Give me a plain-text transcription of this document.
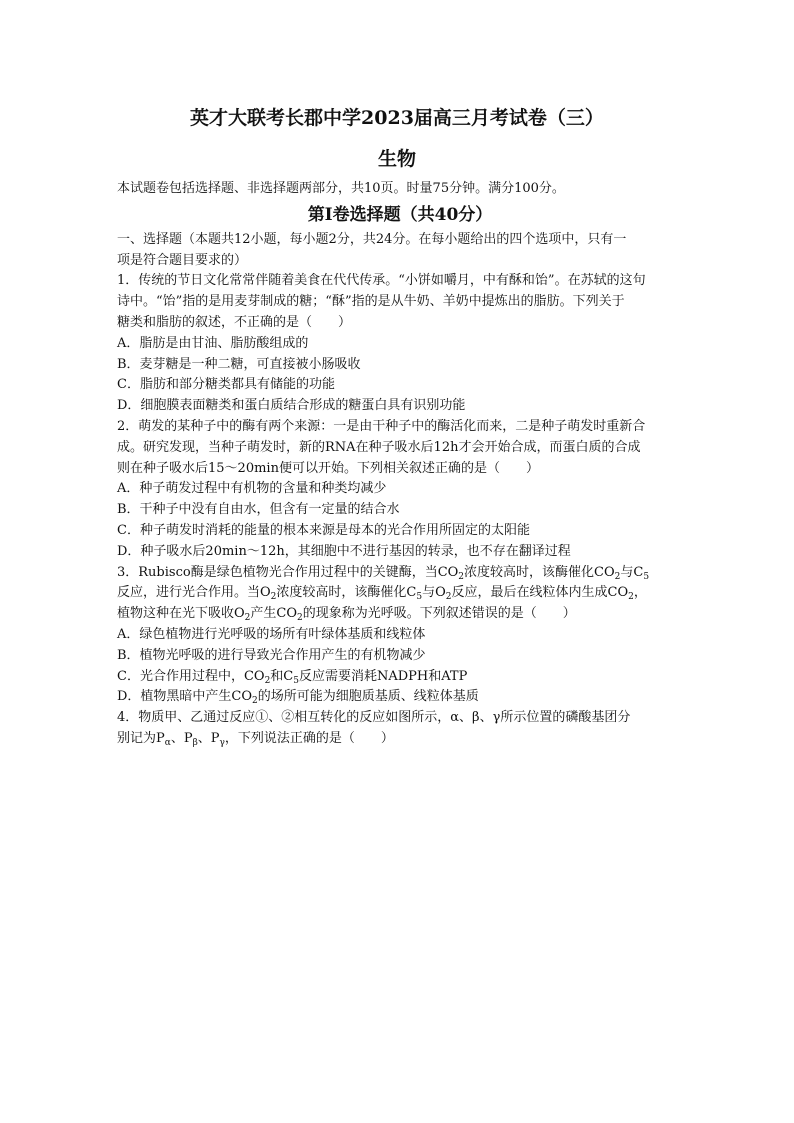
英才大联考长郡中学2023届高三月考试卷（三）
生物
本试题卷包括选择题、非选择题两部分，共10页。时量75分钟。满分100分。
第Ⅰ卷选择题（共40分）
一、选择题（本题共12小题，每小题2分，共24分。在每小题给出的四个选项中，只有一
项是符合题目要求的）
1．传统的节日文化常常伴随着美食在代代传承。“小饼如嚼月，中有酥和饴”。在苏轼的这句
诗中。“饴”指的是用麦芽制成的糖；“酥”指的是从牛奶、羊奶中提炼出的脂肪。下列关于
糖类和脂肪的叙述，不正确的是（　　）
A．脂肪是由甘油、脂肪酸组成的
B．麦芽糖是一种二糖，可直接被小肠吸收
C．脂肪和部分糖类都具有储能的功能
D．细胞膜表面糖类和蛋白质结合形成的糖蛋白具有识别功能
2．萌发的某种子中的酶有两个来源：一是由干种子中的酶活化而来，二是种子萌发时重新合
成。研究发现，当种子萌发时，新的RNA在种子吸水后12h才会开始合成，而蛋白质的合成
则在种子吸水后15～20min便可以开始。下列相关叙述正确的是（　　）
A．种子萌发过程中有机物的含量和种类均减少
B．干种子中没有自由水，但含有一定量的结合水
C．种子萌发时消耗的能量的根本来源是母本的光合作用所固定的太阳能
D．种子吸水后20min～12h，其细胞中不进行基因的转录，也不存在翻译过程
3．Rubisco酶是绿色植物光合作用过程中的关键酶，当$CO_2$浓度较高时，该酶催化$CO_2$与$C_5$
反应，进行光合作用。当$O_2$浓度较高时，该酶催化$C_5$与$O_2$反应，最后在线粒体内生成$CO_2$，
植物这种在光下吸收$O_2$产生$CO_2$的现象称为光呼吸。下列叙述错误的是（　　）
A．绿色植物进行光呼吸的场所有叶绿体基质和线粒体
B．植物光呼吸的进行导致光合作用产生的有机物减少
C．光合作用过程中，$CO_2$和$C_5$反应需要消耗NADPH和ATP
D．植物黑暗中产生$CO_2$的场所可能为细胞质基质、线粒体基质
4．物质甲、乙通过反应①、②相互转化的反应如图所示，α、β、γ所示位置的磷酸基团分
别记为$P_\alpha$、$P_\beta$、$P_\gamma$，下列说法正确的是（　　）
